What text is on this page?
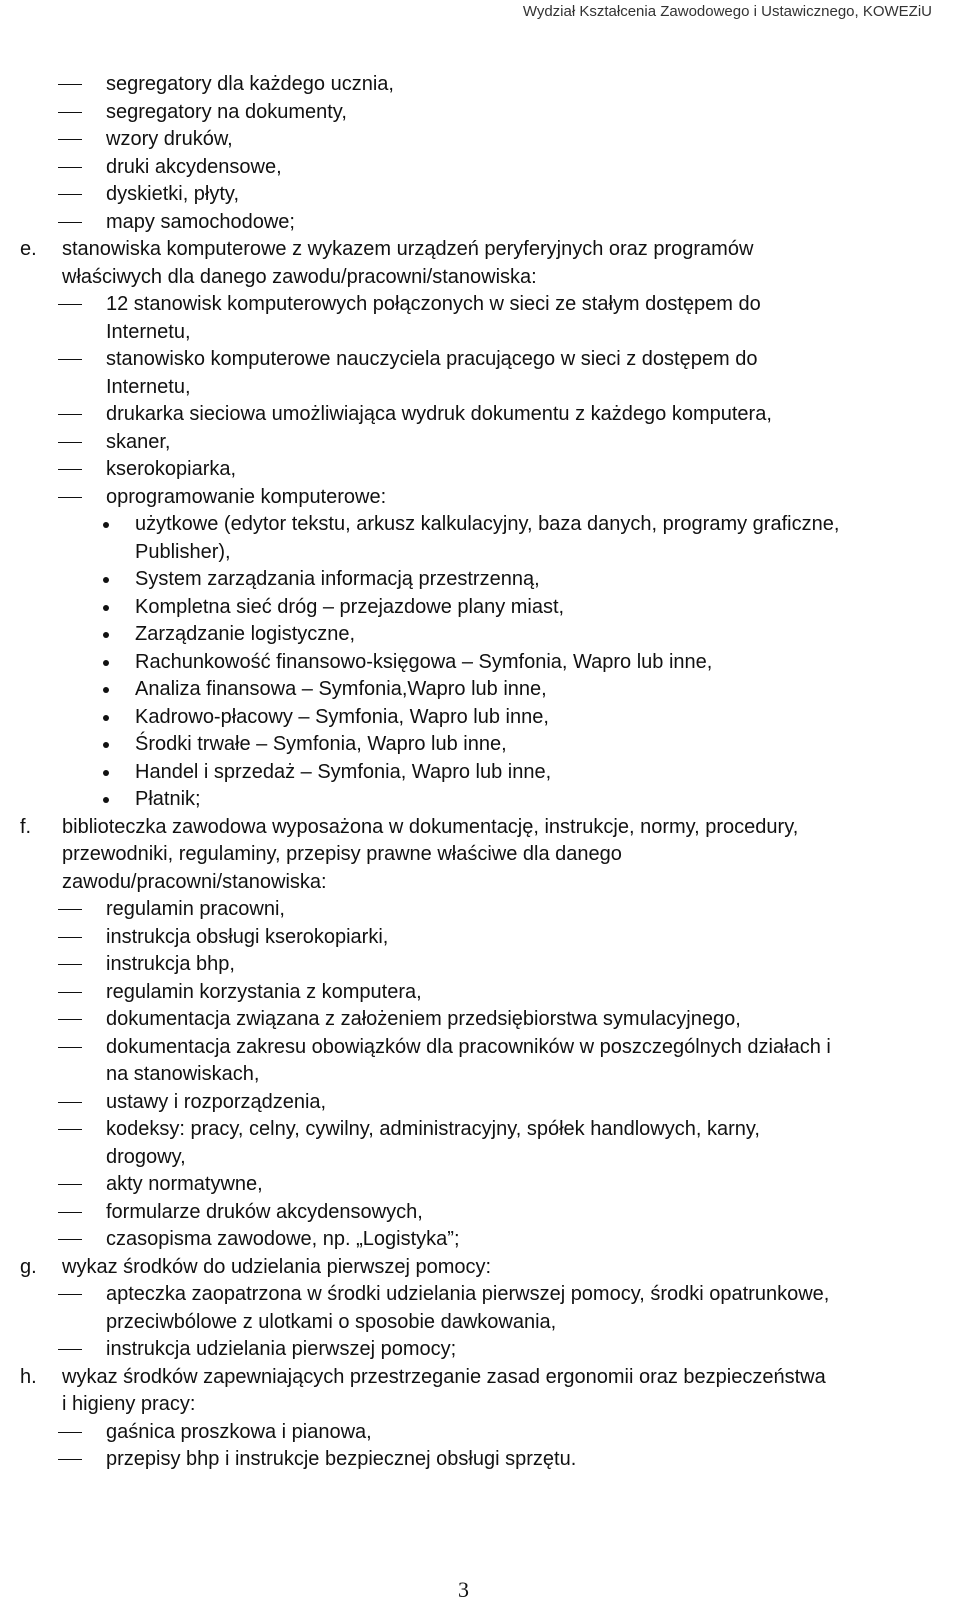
Wydział Kształcenia Zawodowego i Ustawicznego, KOWEZiU
segregatory dla każdego ucznia,
segregatory na dokumenty,
wzory druków,
druki akcydensowe,
dyskietki, płyty,
mapy samochodowe;
e. stanowiska komputerowe z wykazem urządzeń peryferyjnych oraz programów
właściwych dla danego zawodu/pracowni/stanowiska:
12 stanowisk komputerowych połączonych w sieci ze stałym dostępem do
Internetu,
stanowisko komputerowe nauczyciela pracującego w sieci z dostępem do
Internetu,
drukarka sieciowa umożliwiająca wydruk dokumentu z każdego komputera,
skaner,
kserokopiarka,
oprogramowanie komputerowe:
użytkowe (edytor tekstu, arkusz kalkulacyjny, baza danych, programy graficzne,
Publisher),
System zarządzania informacją przestrzenną,
Kompletna sieć dróg – przejazdowe plany miast,
Zarządzanie logistyczne,
Rachunkowość finansowo-księgowa – Symfonia, Wapro lub inne,
Analiza finansowa – Symfonia,Wapro lub inne,
Kadrowo-płacowy – Symfonia, Wapro lub inne,
Środki trwałe – Symfonia, Wapro lub inne,
Handel i sprzedaż – Symfonia, Wapro lub inne,
Płatnik;
f. biblioteczka zawodowa wyposażona w dokumentację, instrukcje, normy, procedury,
przewodniki, regulaminy, przepisy prawne właściwe dla danego
zawodu/pracowni/stanowiska:
regulamin pracowni,
instrukcja obsługi kserokopiarki,
instrukcja bhp,
regulamin korzystania z komputera,
dokumentacja związana z założeniem przedsiębiorstwa symulacyjnego,
dokumentacja zakresu obowiązków dla pracowników w poszczególnych działach i
na stanowiskach,
ustawy i rozporządzenia,
kodeksy: pracy, celny, cywilny, administracyjny, spółek handlowych, karny,
drogowy,
akty normatywne,
formularze druków akcydensowych,
czasopisma zawodowe, np. „Logistyka”;
g. wykaz środków do udzielania pierwszej pomocy:
apteczka zaopatrzona w środki udzielania pierwszej pomocy, środki opatrunkowe,
przeciwbólowe z ulotkami o sposobie dawkowania,
instrukcja udzielania pierwszej pomocy;
h. wykaz środków zapewniających przestrzeganie zasad ergonomii oraz bezpieczeństwa
i higieny pracy:
gaśnica proszkowa i pianowa,
przepisy bhp i instrukcje bezpiecznej obsługi sprzętu.
3
